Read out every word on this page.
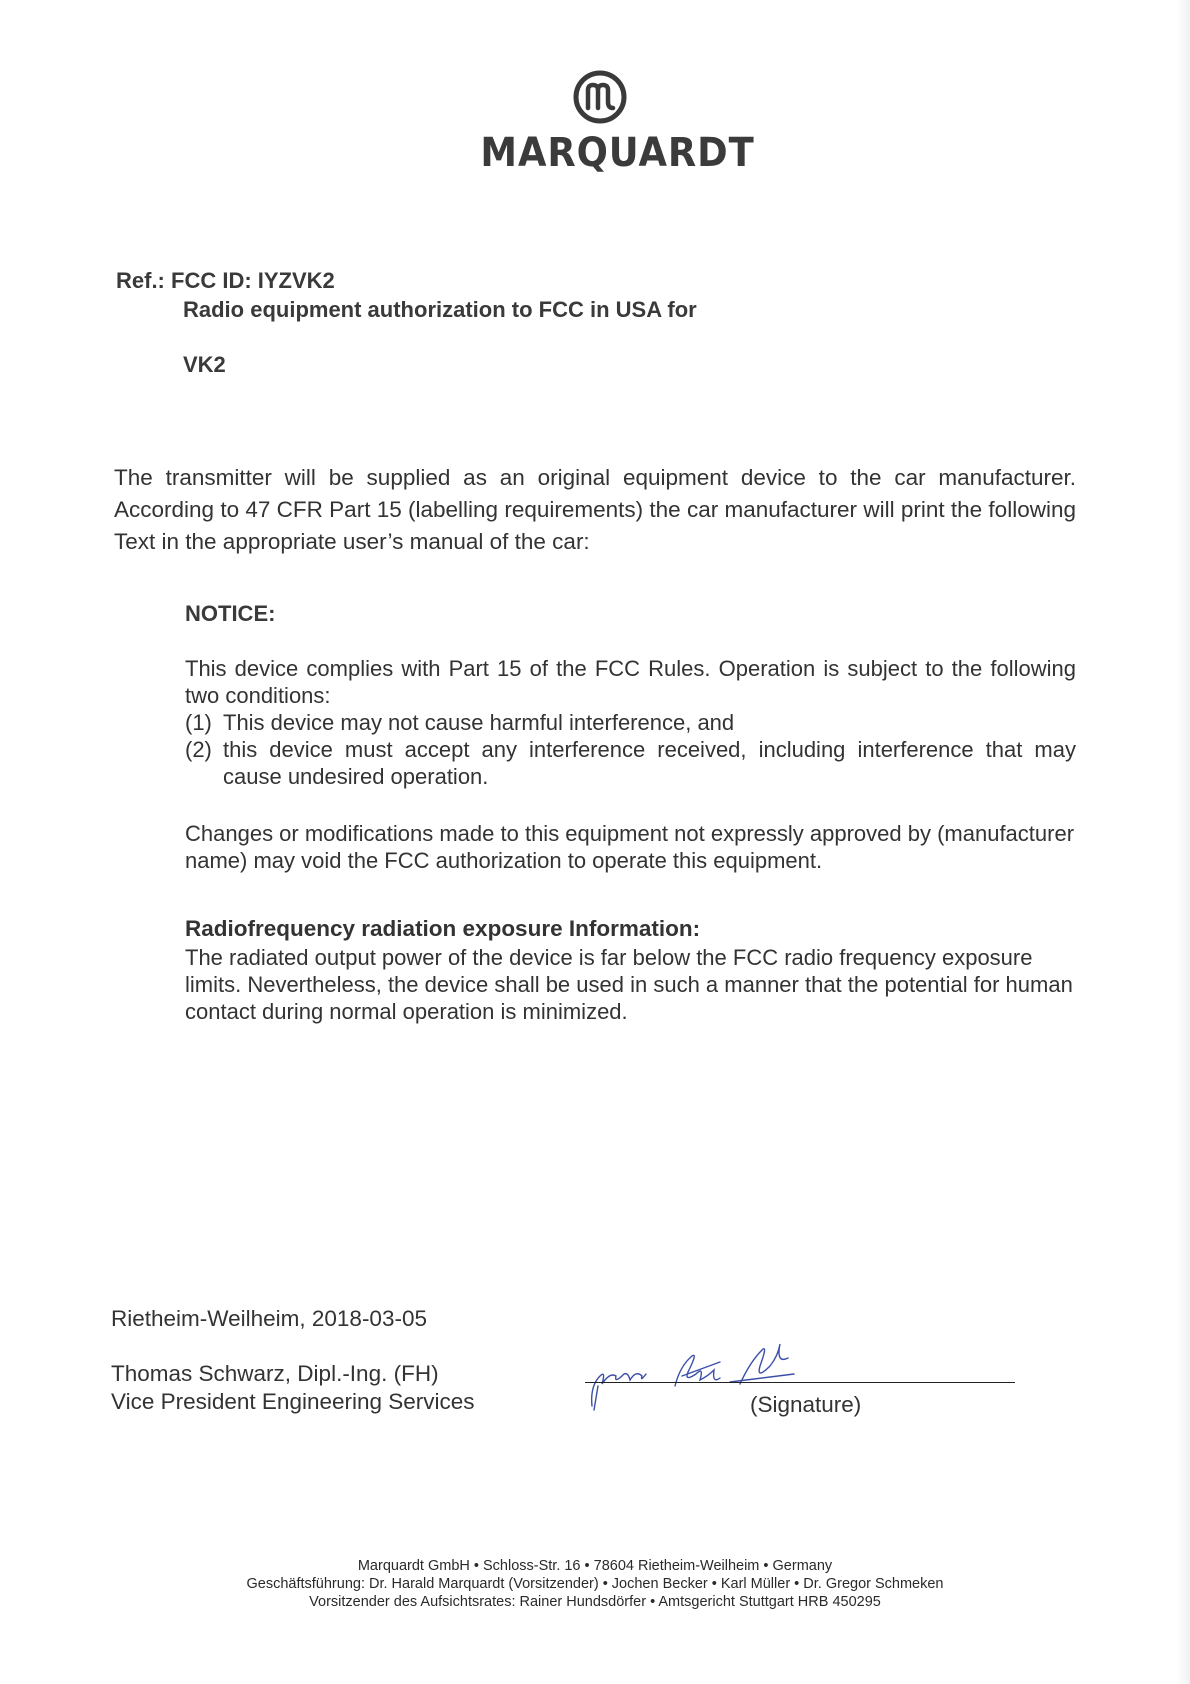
MARQUARDT
Ref.: FCC ID: IYZVK2
Radio equipment authorization to FCC in USA for
VK2
The transmitter will be supplied as an original equipment device to the car manufacturer. According to 47 CFR Part 15 (labelling requirements) the car manufacturer will print the following Text in the appropriate user’s manual of the car:
NOTICE:
This device complies with Part 15 of the FCC Rules. Operation is subject to the following two conditions:
(1) This device may not cause harmful interference, and
(2) this device must accept any interference received, including interference that may cause undesired operation.
Changes or modifications made to this equipment not expressly approved by (manufacturer name) may void the FCC authorization to operate this equipment.
Radiofrequency radiation exposure Information:
The radiated output power of the device is far below the FCC radio frequency exposure limits. Nevertheless, the device shall be used in such a manner that the potential for human contact during normal operation is minimized.
Rietheim-Weilheim, 2018-03-05
Thomas Schwarz, Dipl.-Ing. (FH)
Vice President Engineering Services	(Signature)
Marquardt GmbH • Schloss-Str. 16 • 78604 Rietheim-Weilheim • Germany
Geschäftsführung: Dr. Harald Marquardt (Vorsitzender) • Jochen Becker • Karl Müller • Dr. Gregor Schmeken
Vorsitzender des Aufsichtsrates: Rainer Hundsdörfer • Amtsgericht Stuttgart HRB 450295
